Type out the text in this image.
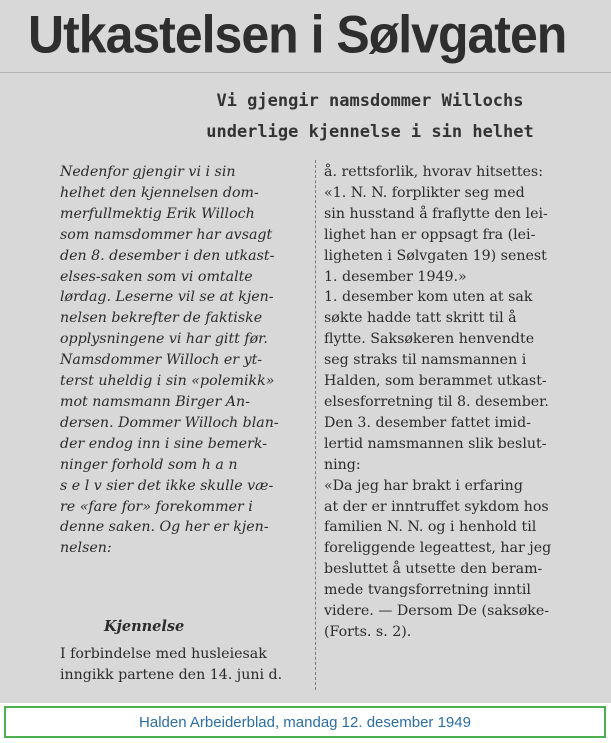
Utkastelsen i Sølvgaten
Vi gjengir namsdommer Willochs
underlige kjennelse i sin helhet
Nedenfor gjengir vi i sin
helhet den kjennelsen dom-
merfullmektig Erik Willoch
som namsdommer har avsagt
den 8. desember i den utkast-
elses-saken som vi omtalte
lørdag. Leserne vil se at kjen-
nelsen bekrefter de faktiske
opplysningene vi har gitt før.
Namsdommer Willoch er yt-
terst uheldig i sin «polemikk»
mot namsmann Birger An-
dersen. Dommer Willoch blan-
der endog inn i sine bemerk-
ninger forhold som h a n
s e l v sier det ikke skulle væ-
re «fare for» forekommer i
denne saken. Og her er kjen-
nelsen:
Kjennelse
I forbindelse med husleiesak
inngikk partene den 14. juni d.
å. rettsforlik, hvorav hitsettes:
«1. N. N. forplikter seg med
sin husstand å fraflytte den lei-
lighet han er oppsagt fra (lei-
ligheten i Sølvgaten 19) senest
1. desember 1949.»
1. desember kom uten at sak
søkte hadde tatt skritt til å
flytte. Saksøkeren henvendte
seg straks til namsmannen i
Halden, som berammet utkast-
elsesforretning til 8. desember.
Den 3. desember fattet imid-
lertid namsmannen slik beslut-
ning:
«Da jeg har brakt i erfaring
at der er inntruffet sykdom hos
familien N. N. og i henhold til
foreliggende legeattest, har jeg
besluttet å utsette den beram-
mede tvangsforretning inntil
videre. — Dersom De (saksøke-
(Forts. s. 2).
Halden Arbeiderblad, mandag 12. desember 1949
